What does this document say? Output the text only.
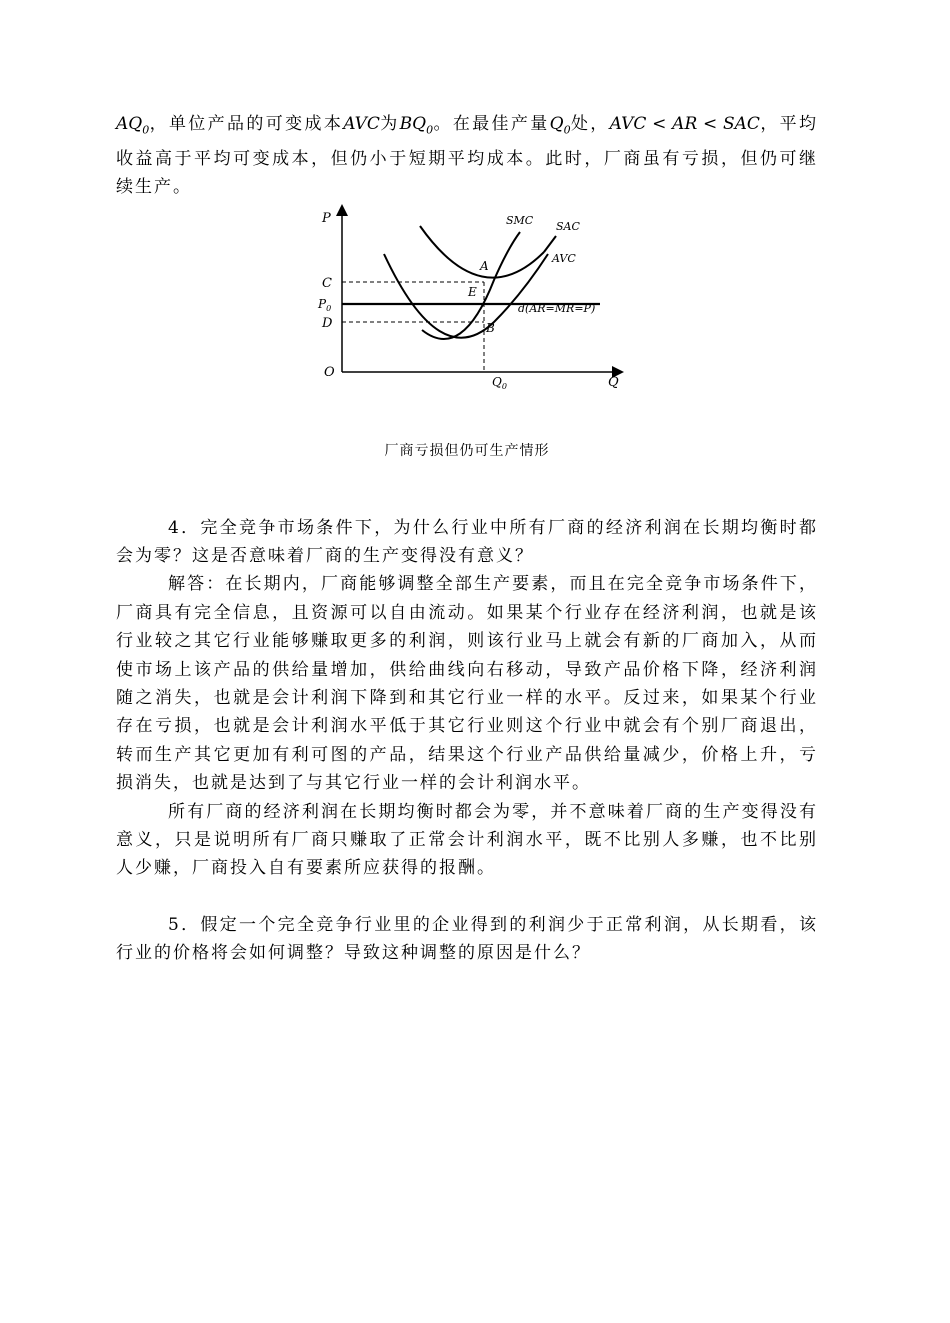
$AQ_0$，单位产品的可变成本AVC为$BQ_0$。在最佳产量$Q_0$处，AVC < AR < SAC，平均收益高于平均可变成本，但仍小于短期平均成本。此时，厂商虽有亏损，但仍可继续生产。

P
Q
O
C
$P_0$
D
$Q_0$
A
E
B
SMC SAC
AVC
d(AR=MR=P)
厂商亏损但仍可生产情形

4．完全竞争市场条件下，为什么行业中所有厂商的经济利润在长期均衡时都会为零？这是否意味着厂商的生产变得没有意义？

解答：在长期内，厂商能够调整全部生产要素，而且在完全竞争市场条件下，厂商具有完全信息，且资源可以自由流动。如果某个行业存在经济利润，也就是该行业较之其它行业能够赚取更多的利润，则该行业马上就会有新的厂商加入，从而使市场上该产品的供给量增加，供给曲线向右移动，导致产品价格下降，经济利润随之消失，也就是会计利润下降到和其它行业一样的水平。反过来，如果某个行业存在亏损，也就是会计利润水平低于其它行业则这个行业中就会有个别厂商退出，转而生产其它更加有利可图的产品，结果这个行业产品供给量减少，价格上升，亏损消失，也就是达到了与其它行业一样的会计利润水平。

所有厂商的经济利润在长期均衡时都会为零，并不意味着厂商的生产变得没有意义，只是说明所有厂商只赚取了正常会计利润水平，既不比别人多赚，也不比别人少赚，厂商投入自有要素所应获得的报酬。

5．假定一个完全竞争行业里的企业得到的利润少于正常利润，从长期看，该行业的价格将会如何调整？导致这种调整的原因是什么？
